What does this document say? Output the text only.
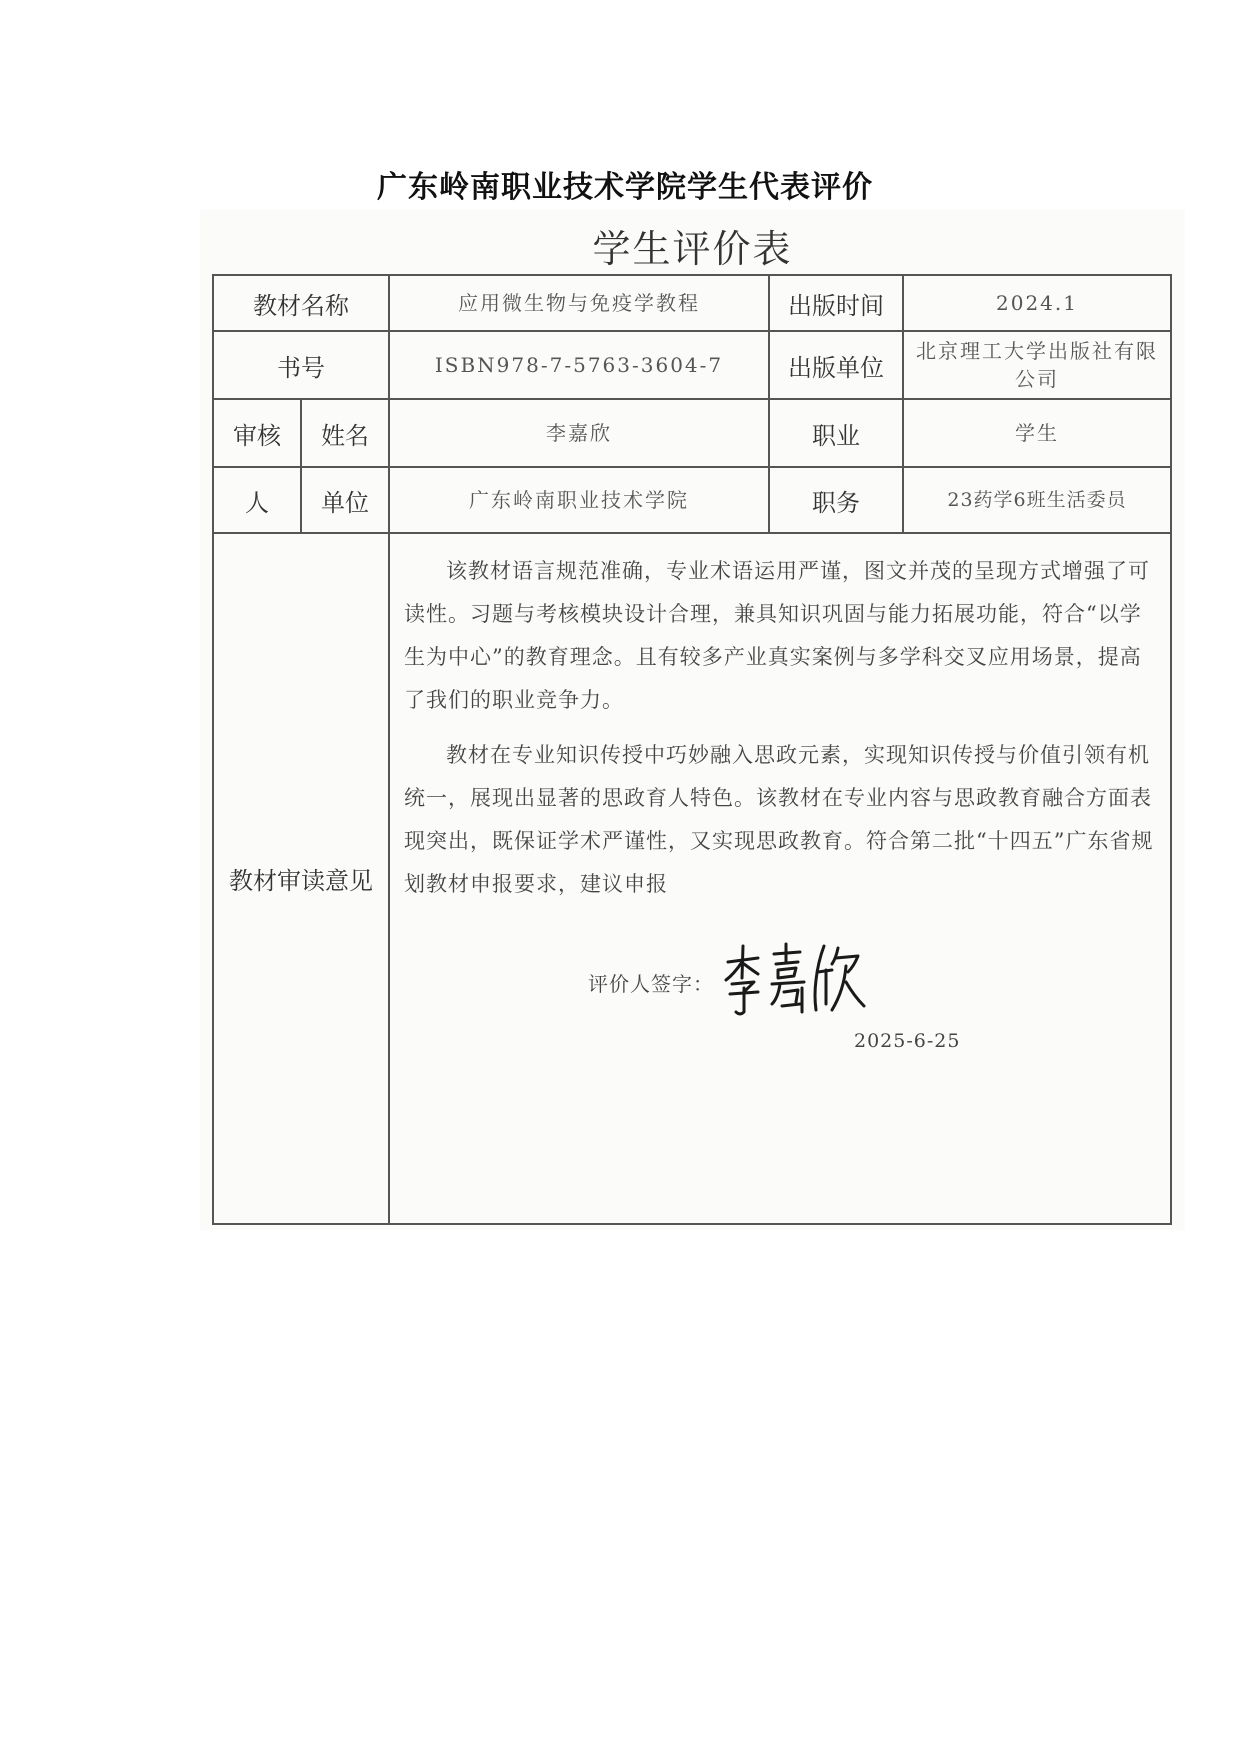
广东岭南职业技术学院学生代表评价
学生评价表
教材名称		应用微生物与免疫学教程	出版时间	2024.1
书号		ISBN978-7-5763-3604-7	出版单位	北京理工大学出版社有限公司
审核	姓名	李嘉欣	职业	学生
人	单位	广东岭南职业技术学院	职务	23药学6班生活委员
教材审读意见		该教材语言规范准确，专业术语运用严谨，图文并茂的呈现方式增强了可读性。习题与考核模块设计合理，兼具知识巩固与能力拓展功能，符合“以学生为中心”的教育理念。且有较多产业真实案例与多学科交叉应用场景，提高了我们的职业竞争力。

教材在专业知识传授中巧妙融入思政元素，实现知识传授与价值引领有机统一，展现出显著的思政育人特色。该教材在专业内容与思政教育融合方面表现突出，既保证学术严谨性，又实现思政教育。符合第二批“十四五”广东省规划教材申报要求，建议申报

评价人签字：
2025-6-25		
